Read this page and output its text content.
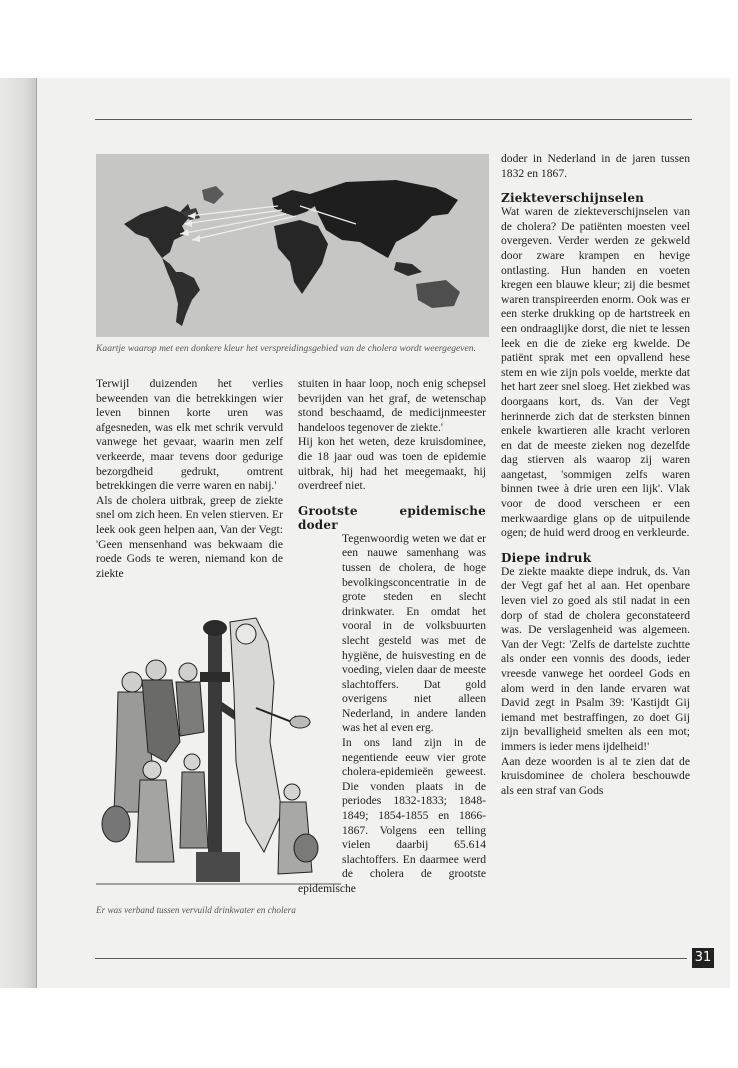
Kaartje waarop met een donkere kleur het verspreidingsgebied van de cholera wordt weergegeven.

Terwijl duizenden het verlies beweenden van die betrekkingen wier leven binnen korte uren was afgesneden, was elk met schrik vervuld vanwege het gevaar, waarin men zelf verkeerde, maar tevens door gedurige bezorgdheid gedrukt, omtrent betrekkingen die verre waren en nabij.'

Als de cholera uitbrak, greep de ziekte snel om zich heen. En velen stierven. Er leek ook geen helpen aan, Van der Vegt: 'Geen mensenhand was bekwaam die roede Gods te weren, niemand kon de ziekte

Er was verband tussen vervuild drinkwater en cholera

stuiten in haar loop, noch enig schepsel bevrijden van het graf, de wetenschap stond beschaamd, de medicijnmeester handeloos tegenover de ziekte.'

Hij kon het weten, deze kruisdominee, die 18 jaar oud was toen de epidemie uitbrak, hij had het meegemaakt, hij overdreef niet.

Grootste epidemische doder

Tegenwoordig weten we dat er een nauwe samenhang was tussen de cholera, de hoge bevolkingsconcentratie in de grote steden en slecht drinkwater. En omdat het vooral in de volksbuurten slecht gesteld was met de hygiëne, de huisvesting en de voeding, vielen daar de meeste slachtoffers. Dat gold overigens niet alleen Nederland, in andere landen was het al even erg.

In ons land zijn in de negentiende eeuw vier grote cholera-epidemieën geweest. Die vonden plaats in de periodes 1832-1833; 1848-1849; 1854-1855 en 1866-1867. Volgens een telling vielen daarbij 65.614 slachtoffers. En daarmee werd de cholera de grootste epidemische

doder in Nederland in de jaren tussen 1832 en 1867.

Ziekteverschijnselen

Wat waren de ziekteverschijnselen van de cholera? De patiënten moesten veel overgeven. Verder werden ze gekweld door zware krampen en hevige ontlasting. Hun handen en voeten kregen een blauwe kleur; zij die besmet waren transpireerden enorm. Ook was er een sterke drukking op de hartstreek en een ondraaglijke dorst, die niet te lessen leek en die de zieke erg kwelde. De patiënt sprak met een opvallend hese stem en wie zijn pols voelde, merkte dat het hart zeer snel sloeg. Het ziekbed was doorgaans kort, ds. Van der Vegt herinnerde zich dat de sterksten binnen enkele kwartieren alle kracht verloren en dat de meeste zieken nog dezelfde dag stierven als waarop zij waren aangetast, 'sommigen zelfs waren binnen twee à drie uren een lijk'. Vlak voor de dood verscheen er een merkwaardige glans op de uitpuilende ogen; de huid werd droog en verkleurde.

Diepe indruk

De ziekte maakte diepe indruk, ds. Van der Vegt gaf het al aan. Het openbare leven viel zo goed als stil nadat in een dorp of stad de cholera geconstateerd was. De verslagenheid was algemeen. Van der Vegt: 'Zelfs de dartelste zuchtte als onder een vonnis des doods, ieder vreesde vanwege het oordeel Gods en alom werd in den lande ervaren wat David zegt in Psalm 39: 'Kastijdt Gij iemand met bestraffingen, zo doet Gij zijn bevalligheid smelten als een mot; immers is ieder mens ijdelheid!'

Aan deze woorden is al te zien dat de kruisdominee de cholera beschouwde als een straf van Gods

31
